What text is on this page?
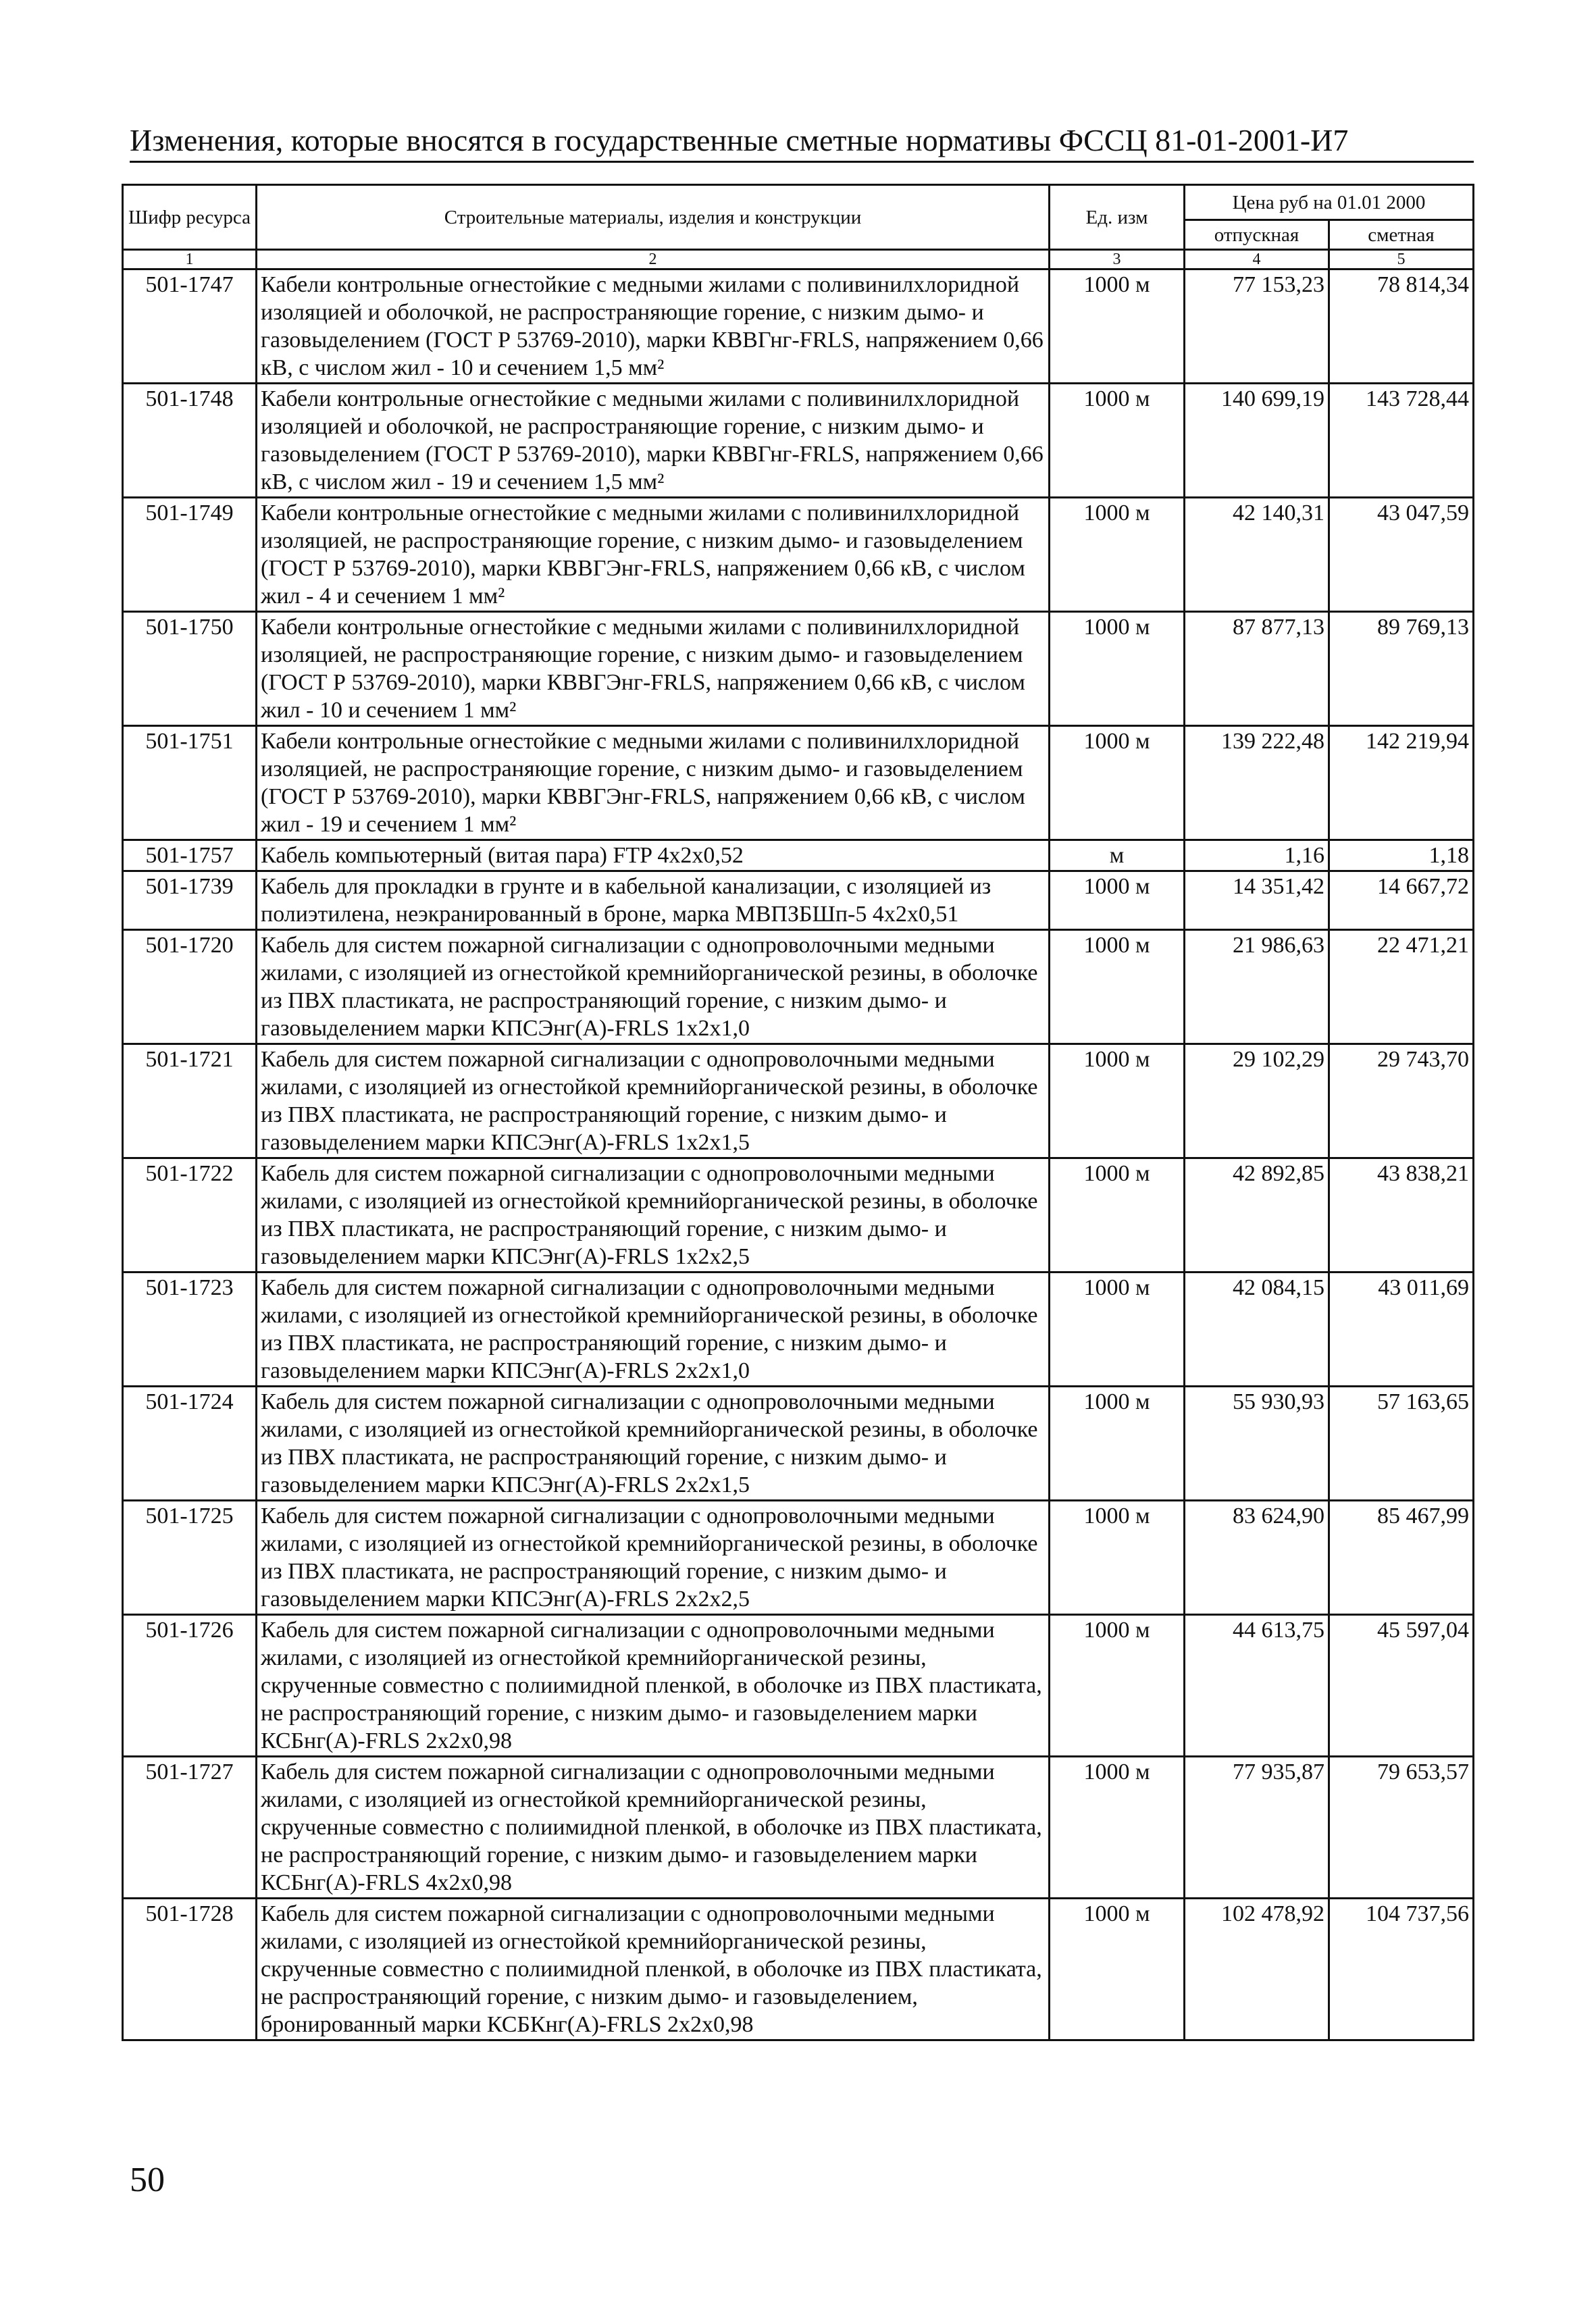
Изменения, которые вносятся в государственные сметные нормативы ФССЦ 81-01-2001-И7
Шифр ресурса	Строительные материалы, изделия и конструкции	Ед. изм	Цена руб на 01.01 2000	
			отпускная	сметная
1	2	3	4	5
501-1747	Кабели контрольные огнестойкие с медными жилами с поливинилхлоридной изоляцией и оболочкой, не распространяющие горение, с низким дымо- и газовыделением (ГОСТ Р 53769-2010), марки КВВГнг-FRLS, напряжением 0,66 кВ, с числом жил - 10 и сечением 1,5 мм²	1000 м	77 153,23	78 814,34
501-1748	Кабели контрольные огнестойкие с медными жилами с поливинилхлоридной изоляцией и оболочкой, не распространяющие горение, с низким дымо- и газовыделением (ГОСТ Р 53769-2010), марки КВВГнг-FRLS, напряжением 0,66 кВ, с числом жил - 19 и сечением 1,5 мм²	1000 м	140 699,19	143 728,44
501-1749	Кабели контрольные огнестойкие с медными жилами с поливинилхлоридной изоляцией, не распространяющие горение, с низким дымо- и газовыделением (ГОСТ Р 53769-2010), марки КВВГЭнг-FRLS, напряжением 0,66 кВ, с числом жил - 4 и сечением 1 мм²	1000 м	42 140,31	43 047,59
501-1750	Кабели контрольные огнестойкие с медными жилами с поливинилхлоридной изоляцией, не распространяющие горение, с низким дымо- и газовыделением (ГОСТ Р 53769-2010), марки КВВГЭнг-FRLS, напряжением 0,66 кВ, с числом жил - 10 и сечением 1 мм²	1000 м	87 877,13	89 769,13
501-1751	Кабели контрольные огнестойкие с медными жилами с поливинилхлоридной изоляцией, не распространяющие горение, с низким дымо- и газовыделением (ГОСТ Р 53769-2010), марки КВВГЭнг-FRLS, напряжением 0,66 кВ, с числом жил - 19 и сечением 1 мм²	1000 м	139 222,48	142 219,94
501-1757	Кабель компьютерный (витая пара) FTP 4x2x0,52	м	1,16	1,18
501-1739	Кабель для прокладки в грунте и в кабельной канализации, с изоляцией из полиэтилена, неэкранированный в броне, марка МВПЗБШп-5 4х2х0,51	1000 м	14 351,42	14 667,72
501-1720	Кабель для систем пожарной сигнализации с однопроволочными медными жилами, с изоляцией из огнестойкой кремнийорганической резины, в оболочке из ПВХ пластиката, не распространяющий горение, с низким дымо- и газовыделением марки КПСЭнг(А)-FRLS 1х2х1,0	1000 м	21 986,63	22 471,21
501-1721	Кабель для систем пожарной сигнализации с однопроволочными медными жилами, с изоляцией из огнестойкой кремнийорганической резины, в оболочке из ПВХ пластиката, не распространяющий горение, с низким дымо- и газовыделением марки КПСЭнг(А)-FRLS 1х2х1,5	1000 м	29 102,29	29 743,70
501-1722	Кабель для систем пожарной сигнализации с однопроволочными медными жилами, с изоляцией из огнестойкой кремнийорганической резины, в оболочке из ПВХ пластиката, не распространяющий горение, с низким дымо- и газовыделением марки КПСЭнг(А)-FRLS 1х2х2,5	1000 м	42 892,85	43 838,21
501-1723	Кабель для систем пожарной сигнализации с однопроволочными медными жилами, с изоляцией из огнестойкой кремнийорганической резины, в оболочке из ПВХ пластиката, не распространяющий горение, с низким дымо- и газовыделением марки КПСЭнг(А)-FRLS 2х2х1,0	1000 м	42 084,15	43 011,69
501-1724	Кабель для систем пожарной сигнализации с однопроволочными медными жилами, с изоляцией из огнестойкой кремнийорганической резины, в оболочке из ПВХ пластиката, не распространяющий горение, с низким дымо- и газовыделением марки КПСЭнг(А)-FRLS 2х2х1,5	1000 м	55 930,93	57 163,65
501-1725	Кабель для систем пожарной сигнализации с однопроволочными медными жилами, с изоляцией из огнестойкой кремнийорганической резины, в оболочке из ПВХ пластиката, не распространяющий горение, с низким дымо- и газовыделением марки КПСЭнг(А)-FRLS 2х2х2,5	1000 м	83 624,90	85 467,99
501-1726	Кабель для систем пожарной сигнализации с однопроволочными медными жилами, с изоляцией из огнестойкой кремнийорганической резины, скрученные совместно с полиимидной пленкой, в оболочке из ПВХ пластиката, не распространяющий горение, с низким дымо- и газовыделением марки КСБнг(А)-FRLS 2х2х0,98	1000 м	44 613,75	45 597,04
501-1727	Кабель для систем пожарной сигнализации с однопроволочными медными жилами, с изоляцией из огнестойкой кремнийорганической резины, скрученные совместно с полиимидной пленкой, в оболочке из ПВХ пластиката, не распространяющий горение, с низким дымо- и газовыделением марки КСБнг(А)-FRLS 4х2х0,98	1000 м	77 935,87	79 653,57
501-1728	Кабель для систем пожарной сигнализации с однопроволочными медными жилами, с изоляцией из огнестойкой кремнийорганической резины, скрученные совместно с полиимидной пленкой, в оболочке из ПВХ пластиката, не распространяющий горение, с низким дымо- и газовыделением, бронированный марки КСБКнг(А)-FRLS 2х2х0,98	1000 м	102 478,92	104 737,56
50
